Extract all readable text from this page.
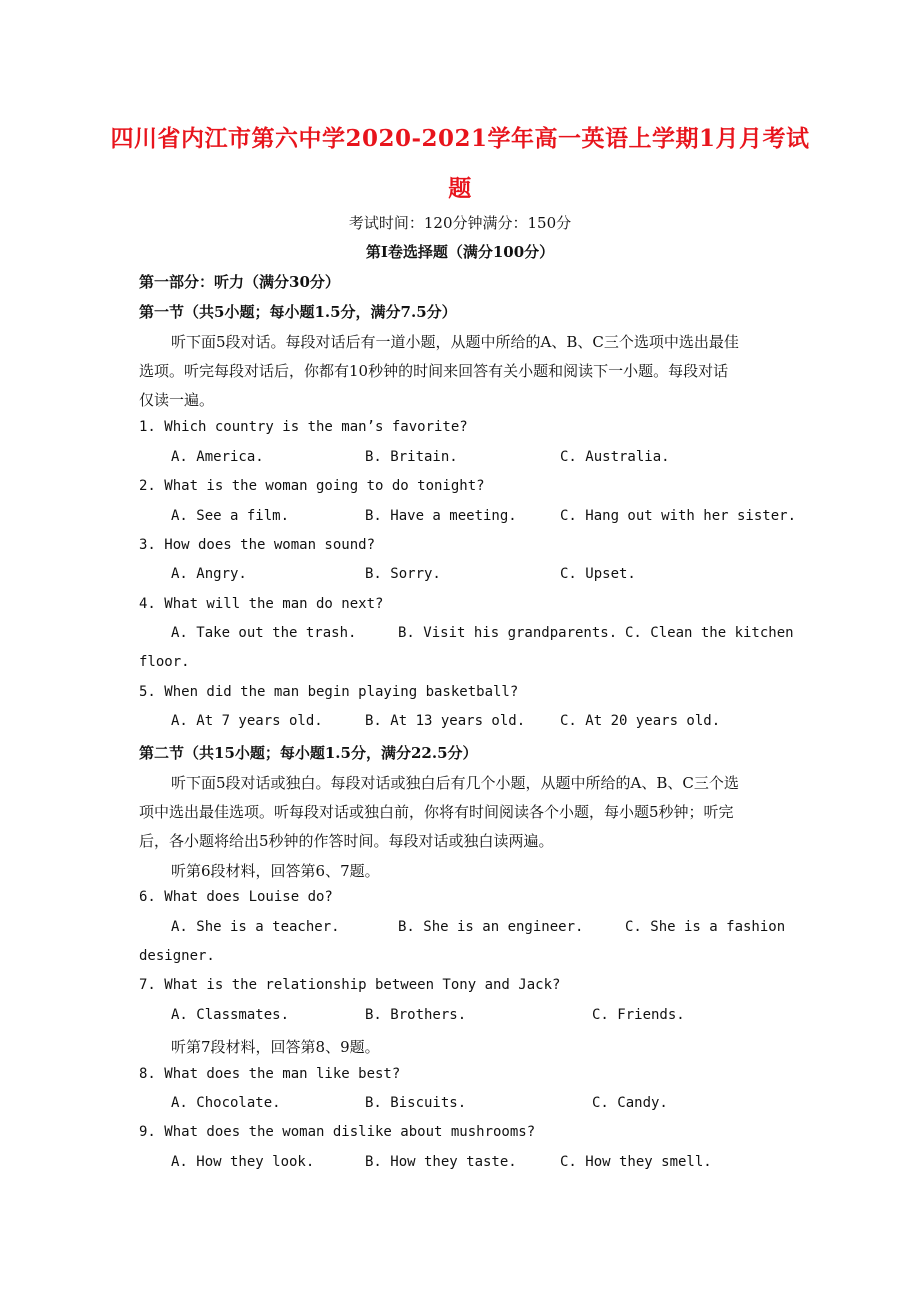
四川省内江市第六中学2020-2021学年高一英语上学期1月月考试
题
考试时间：120分钟满分：150分
第Ⅰ卷选择题（满分100分）
第一部分：听力（满分30分）
第一节（共5小题；每小题1.5分，满分7.5分）
听下面5段对话。每段对话后有一道小题，从题中所给的A、B、C三个选项中选出最佳
选项。听完每段对话后，你都有10秒钟的时间来回答有关小题和阅读下一小题。每段对话
仅读一遍。
1. Which country is the man’s favorite?
A. America.	B. Britain.	C. Australia.
2. What is the woman going to do tonight?
A. See a film.	B. Have a meeting.	C. Hang out with her sister.
3. How does the woman sound?
A. Angry.	B. Sorry.	C. Upset.
4. What will the man do next?
A. Take out the trash.	B. Visit his grandparents. C. Clean the kitchen
floor.
5. When did the man begin playing basketball?
A. At 7 years old.	B. At 13 years old. C. At 20 years old.
第二节（共15小题；每小题1.5分，满分22.5分）
听下面5段对话或独白。每段对话或独白后有几个小题，从题中所给的A、B、C三个选
项中选出最佳选项。听每段对话或独白前，你将有时间阅读各个小题，每小题5秒钟；听完
后，各小题将给出5秒钟的作答时间。每段对话或独白读两遍。
听第6段材料，回答第6、7题。
6. What does Louise do?
A. She is a teacher.	B. She is an engineer.	C. She is a fashion
designer.
7. What is the relationship between Tony and Jack?
A. Classmates.	B. Brothers.	C. Friends.
听第7段材料，回答第8、9题。
8. What does the man like best?
A. Chocolate.	B. Biscuits.	C. Candy.
9. What does the woman dislike about mushrooms?
A. How they look.	B. How they taste.	C. How they smell.
